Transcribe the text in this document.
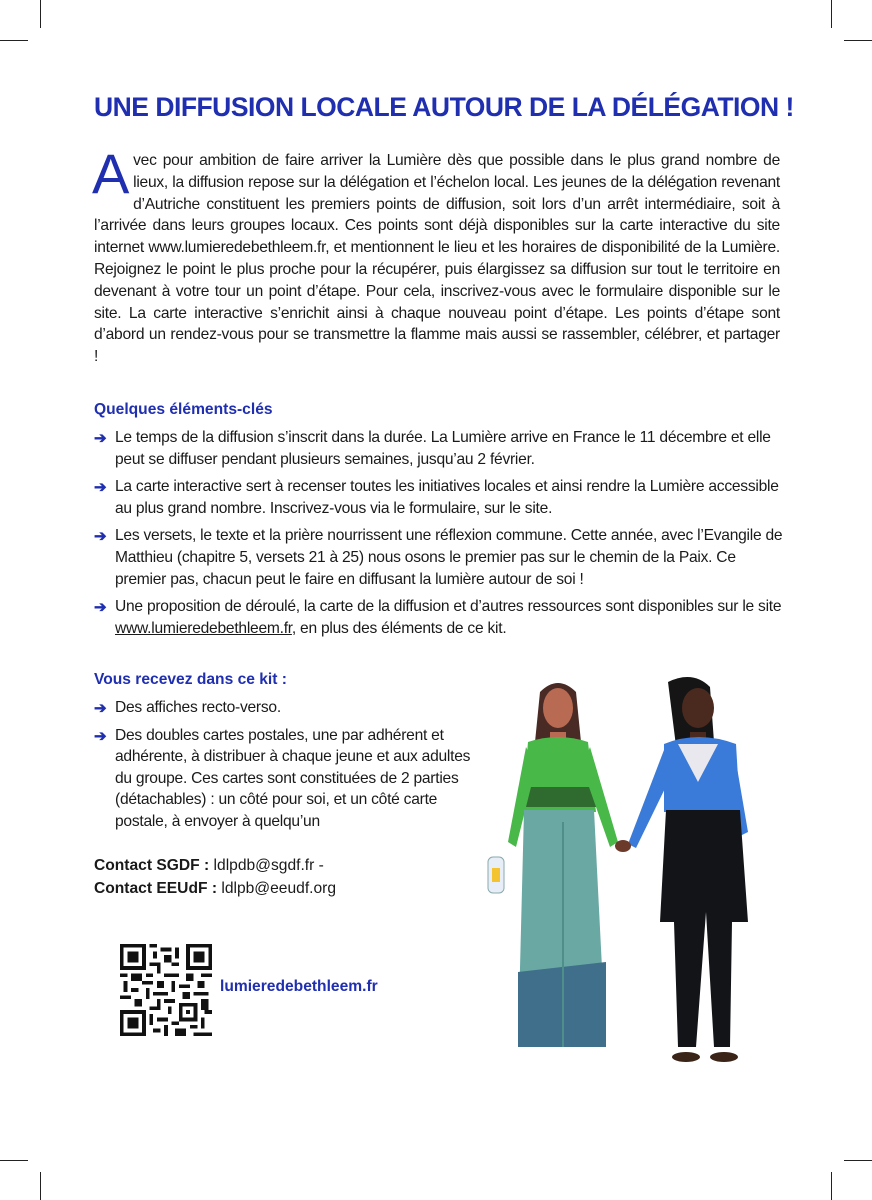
UNE DIFFUSION LOCALE AUTOUR DE LA DÉLÉGATION !

Avec pour ambition de faire arriver la Lumière dès que possible dans le plus grand nombre de lieux, la diffusion repose sur la délégation et l’échelon local. Les jeunes de la délégation revenant d’Autriche constituent les premiers points de diffusion, soit lors d’un arrêt intermédiaire, soit à l’arrivée dans leurs groupes locaux. Ces points sont déjà disponibles sur la carte interactive du site internet www.lumieredebethleem.fr, et mentionnent le lieu et les horaires de disponibilité de la Lumière. Rejoignez le point le plus proche pour la récupérer, puis élargissez sa diffusion sur tout le territoire en devenant à votre tour un point d’étape. Pour cela, inscrivez-vous avec le formulaire disponible sur le site. La carte interactive s’enrichit ainsi à chaque nouveau point d’étape. Les points d’étape sont d’abord un rendez-vous pour se transmettre la flamme mais aussi se rassembler, célébrer, et partager !

Quelques éléments-clés

➔ Le temps de la diffusion s’inscrit dans la durée. La Lumière arrive en France le 11 décembre et elle peut se diffuser pendant plusieurs semaines, jusqu’au 2 février.
➔ La carte interactive sert à recenser toutes les initiatives locales et ainsi rendre la Lumière accessible au plus grand nombre. Inscrivez-vous via le formulaire, sur le site.
➔ Les versets, le texte et la prière nourrissent une réflexion commune. Cette année, avec l’Evangile de Matthieu (chapitre 5, versets 21 à 25) nous osons le premier pas sur le chemin de la Paix. Ce premier pas, chacun peut le faire en diffusant la lumière autour de soi !
➔ Une proposition de déroulé, la carte de la diffusion et d’autres ressources sont disponibles sur le site www.lumieredebethleem.fr, en plus des éléments de ce kit.

Vous recevez dans ce kit :

➔ Des affiches recto-verso.
➔ Des doubles cartes postales, une par adhérent et adhérente, à distribuer à chaque jeune et aux adultes du groupe. Ces cartes sont constituées de 2 parties (détachables) : un côté pour soi, et un côté carte postale, à envoyer à quelqu’un
Contact SGDF : ldlpdb@sgdf.fr -
Contact EEUdF : ldlpb@eeudf.org
lumieredebethleem.fr
